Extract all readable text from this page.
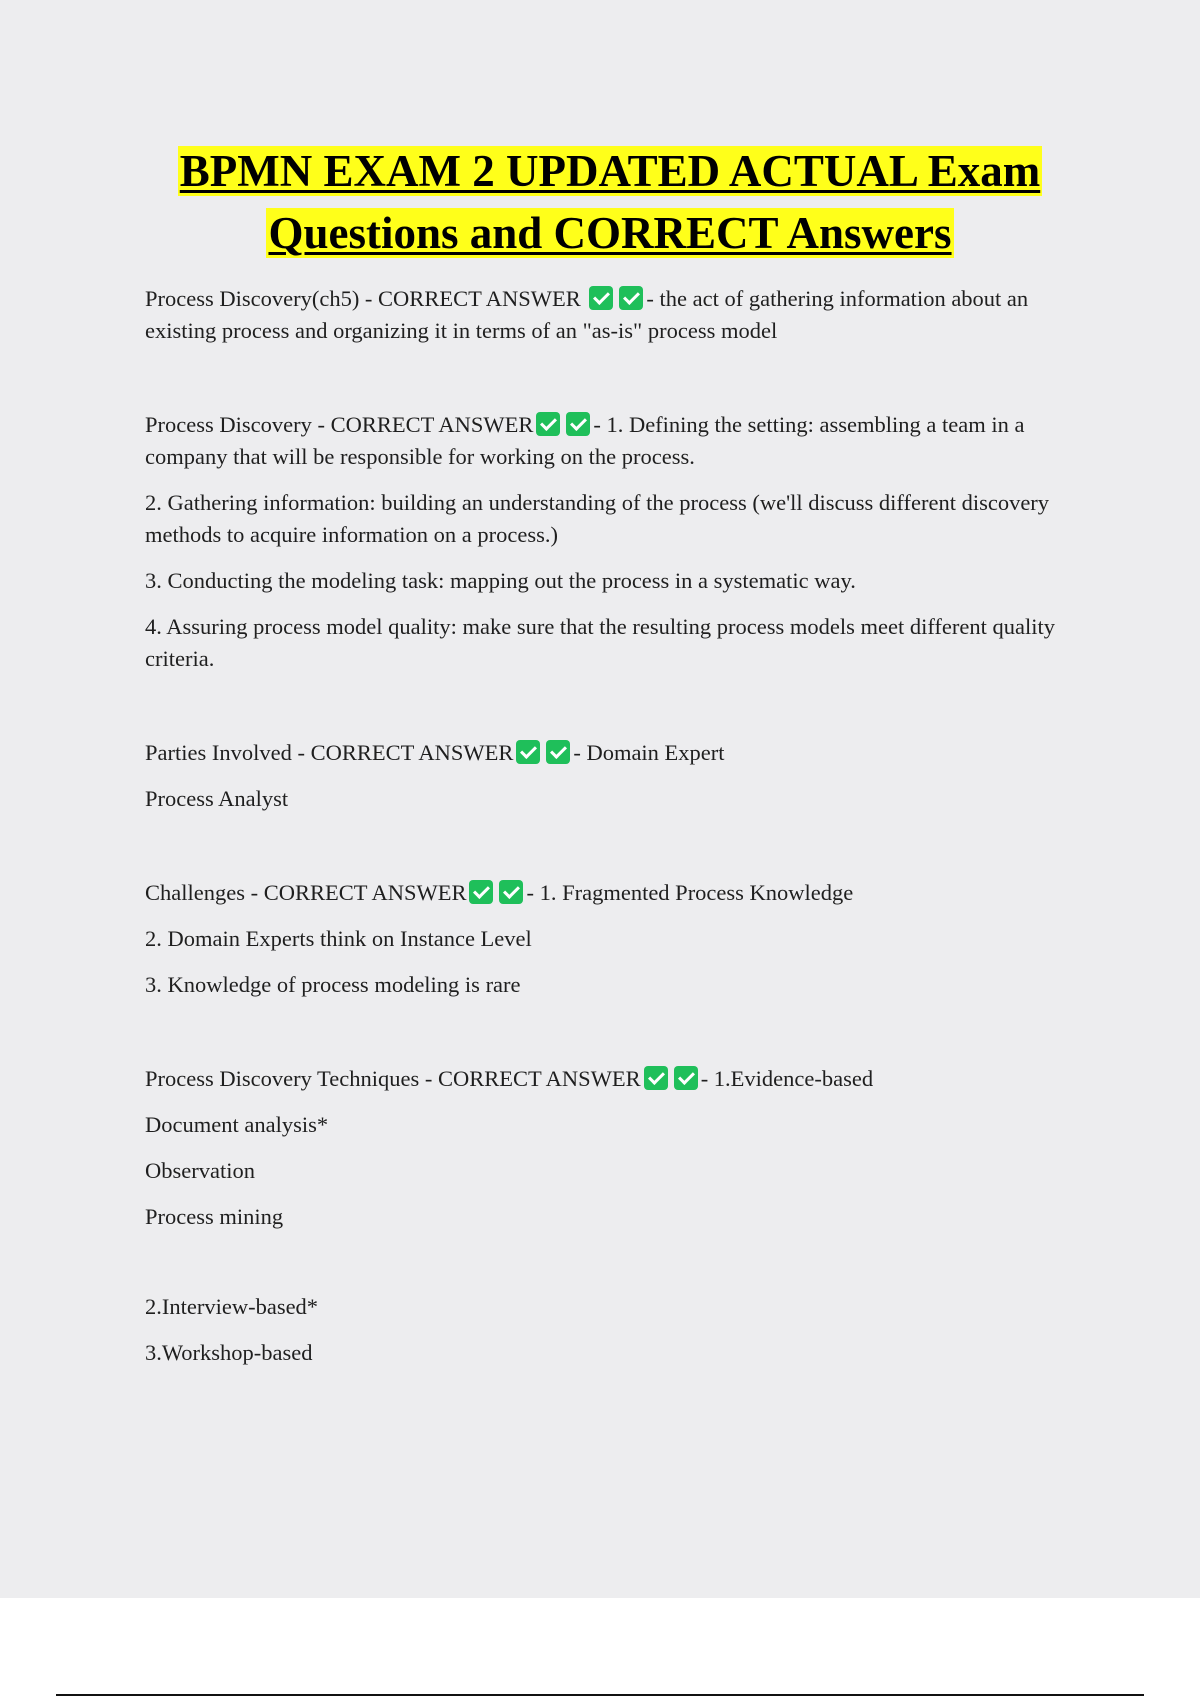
BPMN EXAM 2 UPDATED ACTUAL Exam
Questions and CORRECT Answers

Process Discovery(ch5) - CORRECT ANSWER	- the act of gathering information about an existing process and organizing it in terms of an "as-is" process model

Process Discovery - CORRECT ANSWER	- 1. Defining the setting: assembling a team in a company that will be responsible for working on the process.

2. Gathering information: building an understanding of the process (we'll discuss different discovery methods to acquire information on a process.)

3. Conducting the modeling task: mapping out the process in a systematic way.

4. Assuring process model quality: make sure that the resulting process models meet different quality criteria.

Parties Involved - CORRECT ANSWER	- Domain Expert

Process Analyst

Challenges - CORRECT ANSWER	- 1. Fragmented Process Knowledge

2. Domain Experts think on Instance Level

3. Knowledge of process modeling is rare

Process Discovery Techniques - CORRECT ANSWER	- 1.Evidence-based

Document analysis*

Observation

Process mining

2.Interview-based*

3.Workshop-based
